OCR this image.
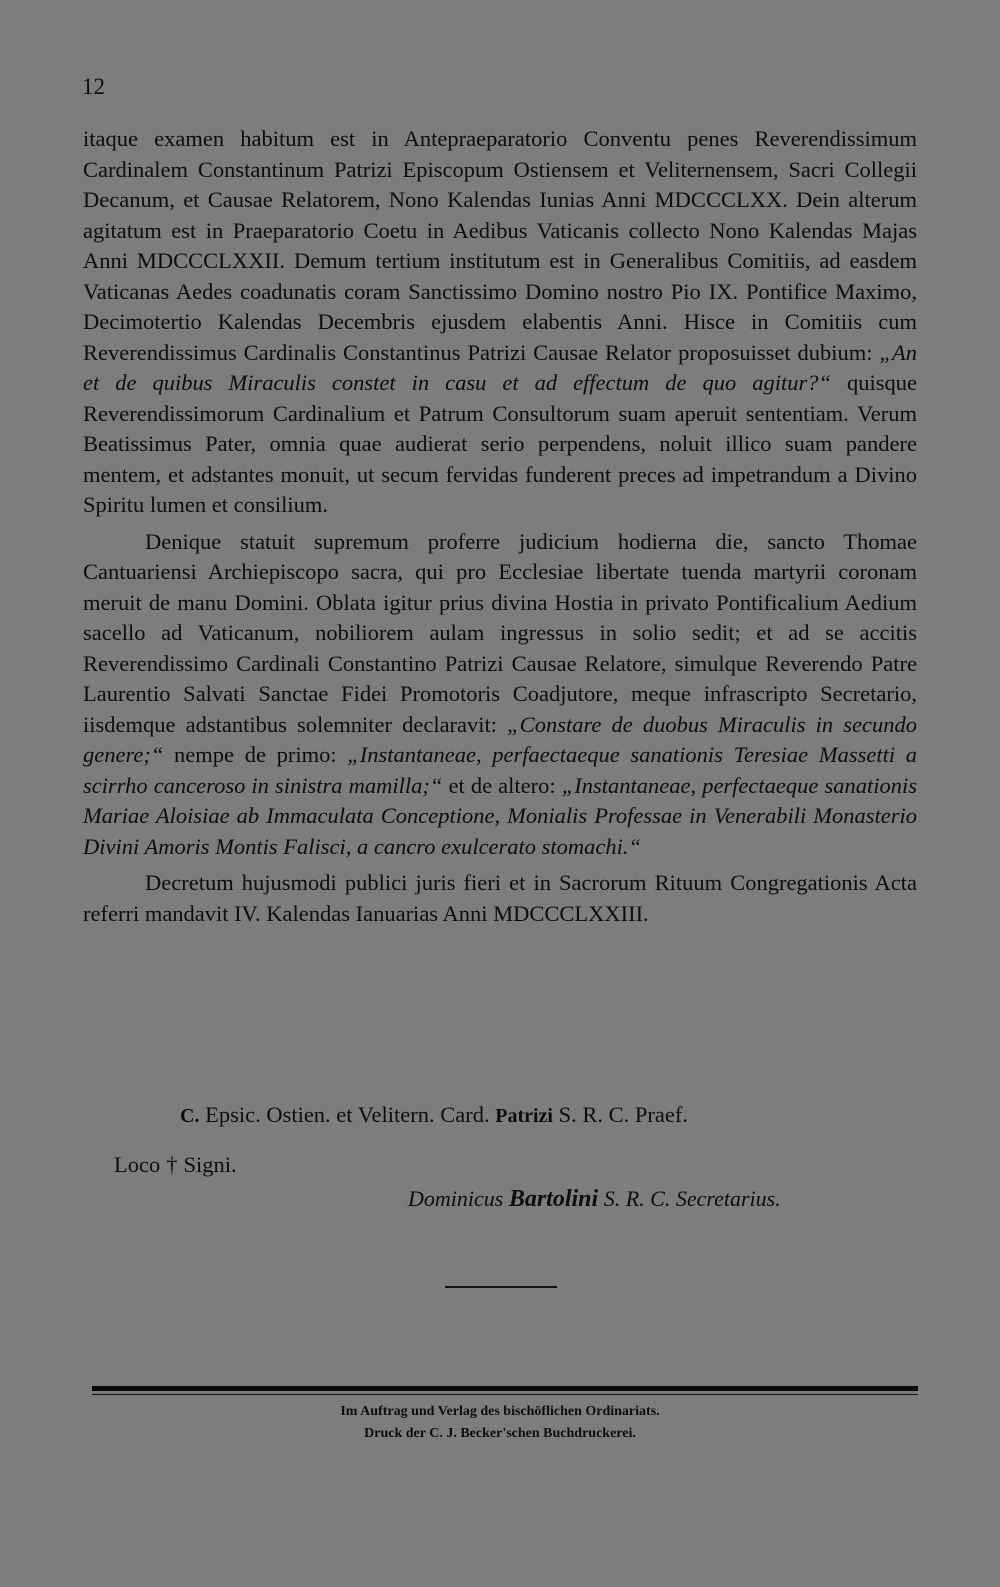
12

itaque examen habitum est in Antepraeparatorio Conventu penes Reverendissimum Cardinalem Constantinum Patrizi Episcopum Ostiensem et Veliternensem, Sacri Collegii Decanum, et Causae Relatorem, Nono Kalendas Iunias Anni MDCCCLXX. Dein alterum agitatum est in Praeparatorio Coetu in Aedibus Vaticanis collecto Nono Kalendas Majas Anni MDCCCLXXII. Demum tertium institutum est in Generalibus Comitiis, ad easdem Vaticanas Aedes coadunatis coram Sanctissimo Domino nostro Pio IX. Pontifice Maximo, Decimotertio Kalendas Decembris ejusdem elabentis Anni. Hisce in Comitiis cum Reverendissimus Cardinalis Constantinus Patrizi Causae Relator proposuisset dubium: „An et de quibus Miraculis constet in casu et ad effectum de quo agitur?“ quisque Reverendissimorum Cardinalium et Patrum Consultorum suam aperuit sententiam. Verum Beatissimus Pater, omnia quae audierat serio perpendens, noluit illico suam pandere mentem, et adstantes monuit, ut secum fervidas funderent preces ad impetrandum a Divino Spiritu lumen et consilium.

Denique statuit supremum proferre judicium hodierna die, sancto Thomae Cantuariensi Archiepiscopo sacra, qui pro Ecclesiae libertate tuenda martyrii coronam meruit de manu Domini. Oblata igitur prius divina Hostia in privato Pontificalium Aedium sacello ad Vaticanum, nobiliorem aulam ingressus in solio sedit; et ad se accitis Reverendissimo Cardinali Constantino Patrizi Causae Relatore, simulque Reverendo Patre Laurentio Salvati Sanctae Fidei Promotoris Coadjutore, meque infrascripto Secretario, iisdemque adstantibus solemniter declaravit: „Constare de duobus Miraculis in secundo genere;“ nempe de primo: „Instantaneae, perfaectaeque sanationis Teresiae Massetti a scirrho canceroso in sinistra mamilla;“ et de altero: „Instantaneae, perfectaeque sanationis Mariae Aloisiae ab Immaculata Conceptione, Monialis Professae in Venerabili Monasterio Divini Amoris Montis Falisci, a cancro exulcerato stomachi.“

Decretum hujusmodi publici juris fieri et in Sacrorum Rituum Congregationis Acta referri mandavit IV. Kalendas Ianuarias Anni MDCCCLXXIII.

C. Epsic. Ostien. et Velitern. Card. Patrizi S. R. C. Praef.
Loco † Signi.
Dominicus Bartolini S. R. C. Secretarius.
Im Auftrag und Verlag des bischöflichen Ordinariats.
Druck der C. J. Becker'schen Buchdruckerei.
